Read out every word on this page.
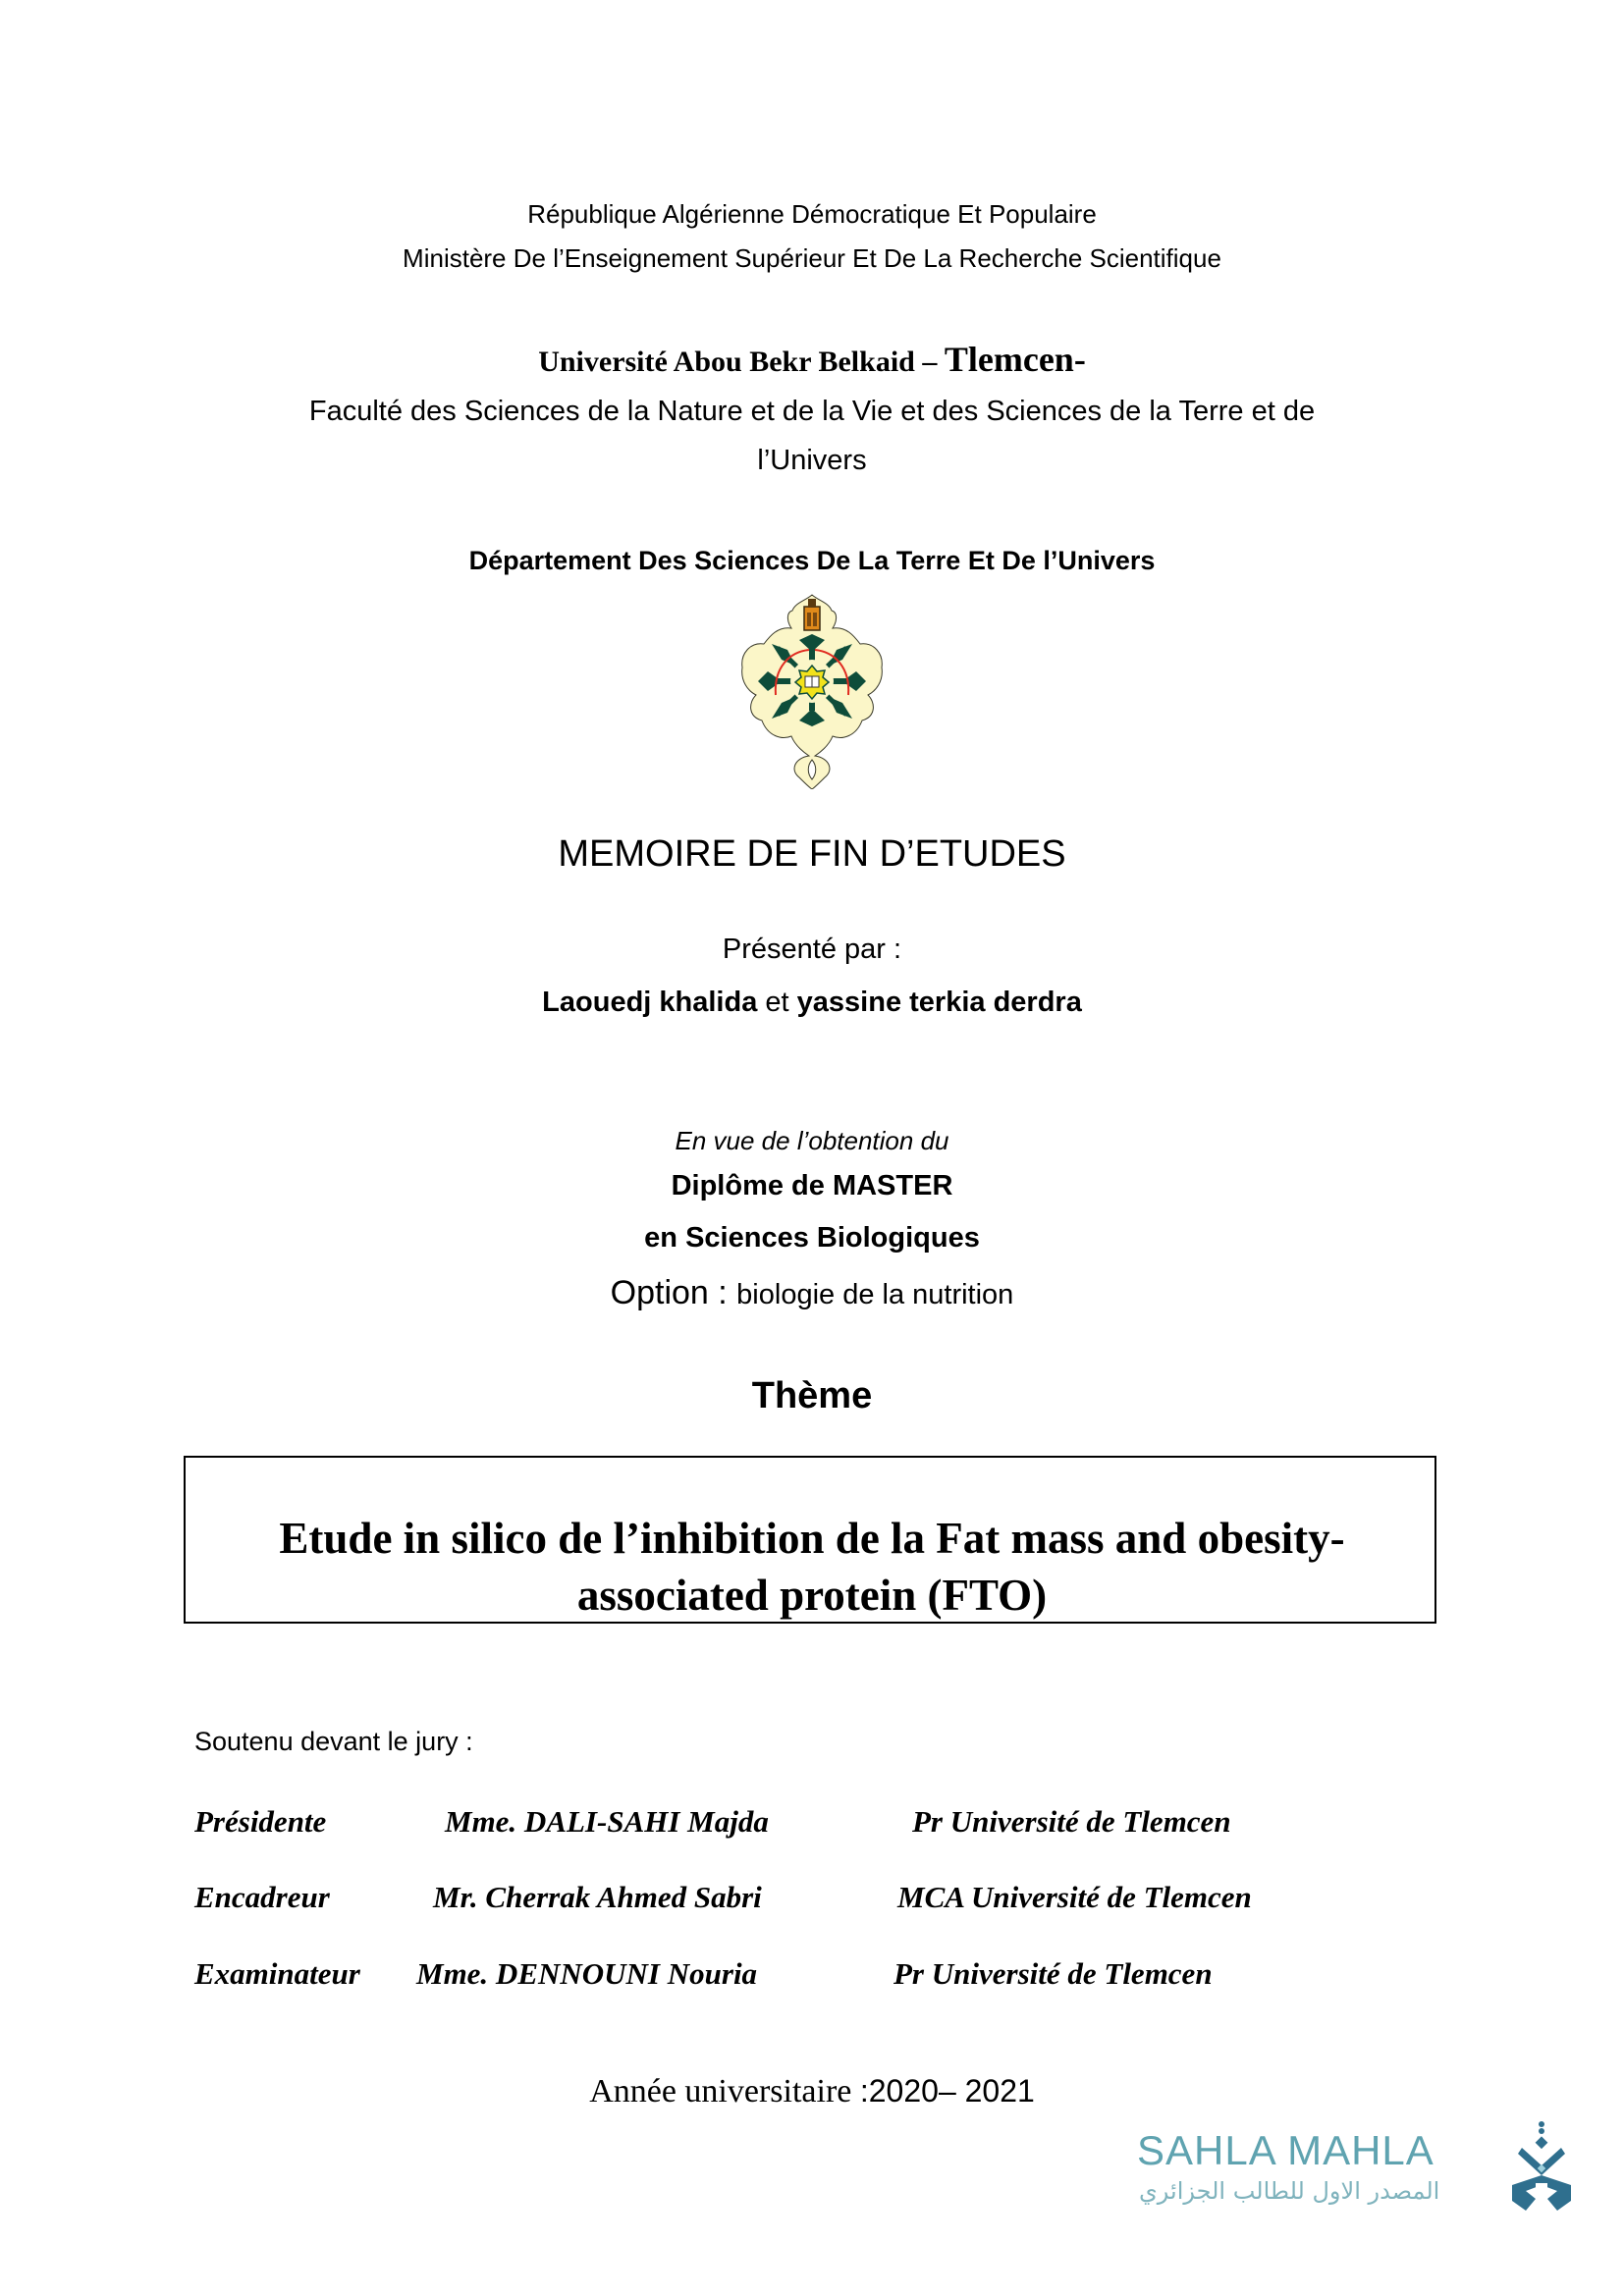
République Algérienne Démocratique Et Populaire
Ministère De l’Enseignement Supérieur Et De La Recherche Scientifique
Université Abou Bekr Belkaid – Tlemcen-
Faculté des Sciences de la Nature et de la Vie et des Sciences de la Terre et de
l’Univers
Département Des Sciences De La Terre Et De l’Univers
MEMOIRE DE FIN D’ETUDES
Présenté par :
Laouedj khalida et yassine terkia derdra
En vue de l’obtention du
Diplôme de MASTER
en Sciences Biologiques
Option : biologie de la nutrition
Thème
Etude in silico de l’inhibition de la Fat mass and obesity-
associated protein (FTO)
Soutenu devant le jury :
Présidente	Mme. DALI-SAHI Majda	Pr Université de Tlemcen
Encadreur	Mr. Cherrak Ahmed Sabri	MCA Université de Tlemcen
Examinateur Mme. DENNOUNI Nouria	Pr Université de Tlemcen
Année universitaire :2020– 2021
SAHLA MAHLA
المصدر الاول للطالب الجزائري
